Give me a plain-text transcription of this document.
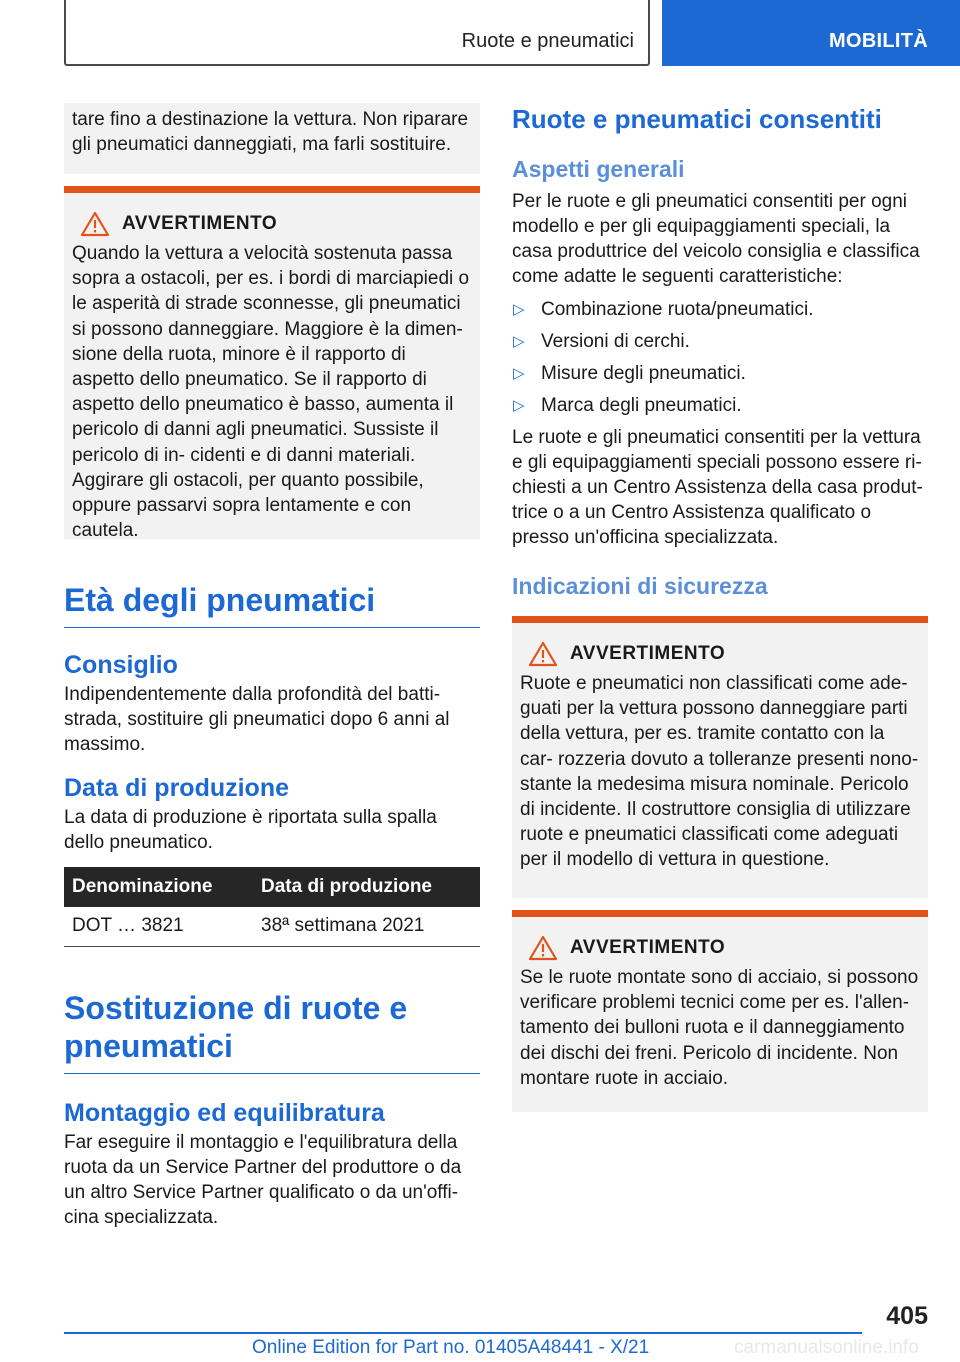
Ruote e pneumatici	MOBILITÀ
tare fino a destinazione la vettura. Non riparare gli pneumatici danneggiati, ma farli sostituire.
AVVERTIMENTO
Quando la vettura a velocità sostenuta passa sopra a ostacoli, per es. i bordi di marciapiedi o le asperità di strade sconnesse, gli pneumatici si possono danneggiare. Maggiore è la dimen- sione della ruota, minore è il rapporto di aspetto dello pneumatico. Se il rapporto di aspetto dello pneumatico è basso, aumenta il pericolo di danni agli pneumatici. Sussiste il pericolo di in- cidenti e di danni materiali. Aggirare gli ostacoli, per quanto possibile, oppure passarvi sopra lentamente e con cautela.
Età degli pneumatici
Consiglio
Indipendentemente dalla profondità del batti- strada, sostituire gli pneumatici dopo 6 anni al massimo.
Data di produzione
La data di produzione è riportata sulla spalla dello pneumatico.
Denominazione	Data di produzione
DOT … 3821	38ª settimana 2021
Sostituzione di ruote e pneumatici
Montaggio ed equilibratura
Far eseguire il montaggio e l'equilibratura della ruota da un Service Partner del produttore o da un altro Service Partner qualificato o da un'offi- cina specializzata.
Ruote e pneumatici consentiti
Aspetti generali
Per le ruote e gli pneumatici consentiti per ogni modello e per gli equipaggiamenti speciali, la casa produttrice del veicolo consiglia e classifica come adatte le seguenti caratteristiche:
▷ Combinazione ruota/pneumatici.
▷ Versioni di cerchi.
▷ Misure degli pneumatici.
▷ Marca degli pneumatici.
Le ruote e gli pneumatici consentiti per la vettura e gli equipaggiamenti speciali possono essere ri- chiesti a un Centro Assistenza della casa produt- trice o a un Centro Assistenza qualificato o presso un'officina specializzata.
Indicazioni di sicurezza
AVVERTIMENTO
Ruote e pneumatici non classificati come ade- guati per la vettura possono danneggiare parti della vettura, per es. tramite contatto con la car- rozzeria dovuto a tolleranze presenti nono- stante la medesima misura nominale. Pericolo di incidente. Il costruttore consiglia di utilizzare ruote e pneumatici classificati come adeguati per il modello di vettura in questione.
AVVERTIMENTO
Se le ruote montate sono di acciaio, si possono verificare problemi tecnici come per es. l'allen- tamento dei bulloni ruota e il danneggiamento dei dischi dei freni. Pericolo di incidente. Non montare ruote in acciaio.
405
Online Edition for Part no. 01405A48441 - X/21	carmanualsonline.info
